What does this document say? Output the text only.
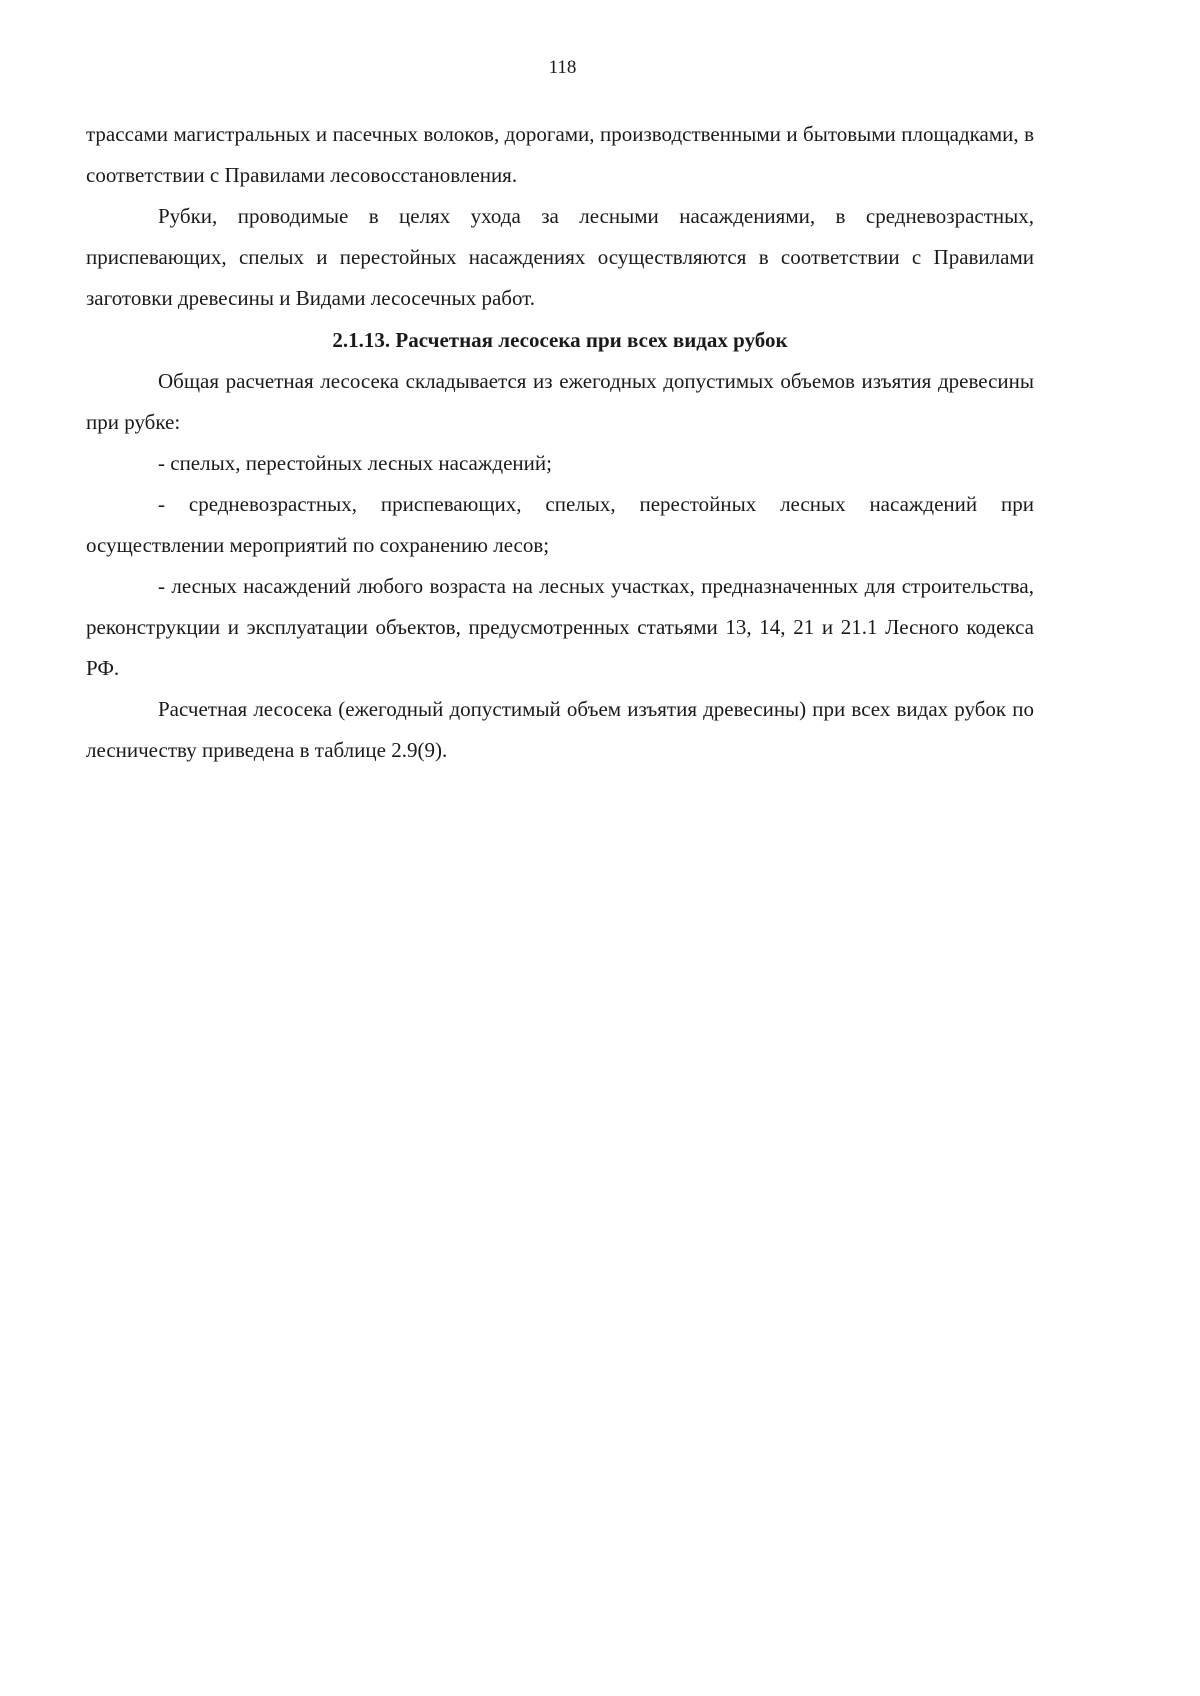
118

трассами магистральных и пасечных волоков, дорогами, производственными и бытовыми площадками, в соответствии с Правилами лесовосстановления.

Рубки, проводимые в целях ухода за лесными насаждениями, в средневозрастных, приспевающих, спелых и перестойных насаждениях осуществляются в соответствии с Правилами заготовки древесины и Видами лесосечных работ.

2.1.13. Расчетная лесосека при всех видах рубок

Общая расчетная лесосека складывается из ежегодных допустимых объемов изъятия древесины при рубке:

- спелых, перестойных лесных насаждений;

- средневозрастных, приспевающих, спелых, перестойных лесных насаждений при осуществлении мероприятий по сохранению лесов;

- лесных насаждений любого возраста на лесных участках, предназначенных для строительства, реконструкции и эксплуатации объектов, предусмотренных статьями 13, 14, 21 и 21.1 Лесного кодекса РФ.

Расчетная лесосека (ежегодный допустимый объем изъятия древесины) при всех видах рубок по лесничеству приведена в таблице 2.9(9).
